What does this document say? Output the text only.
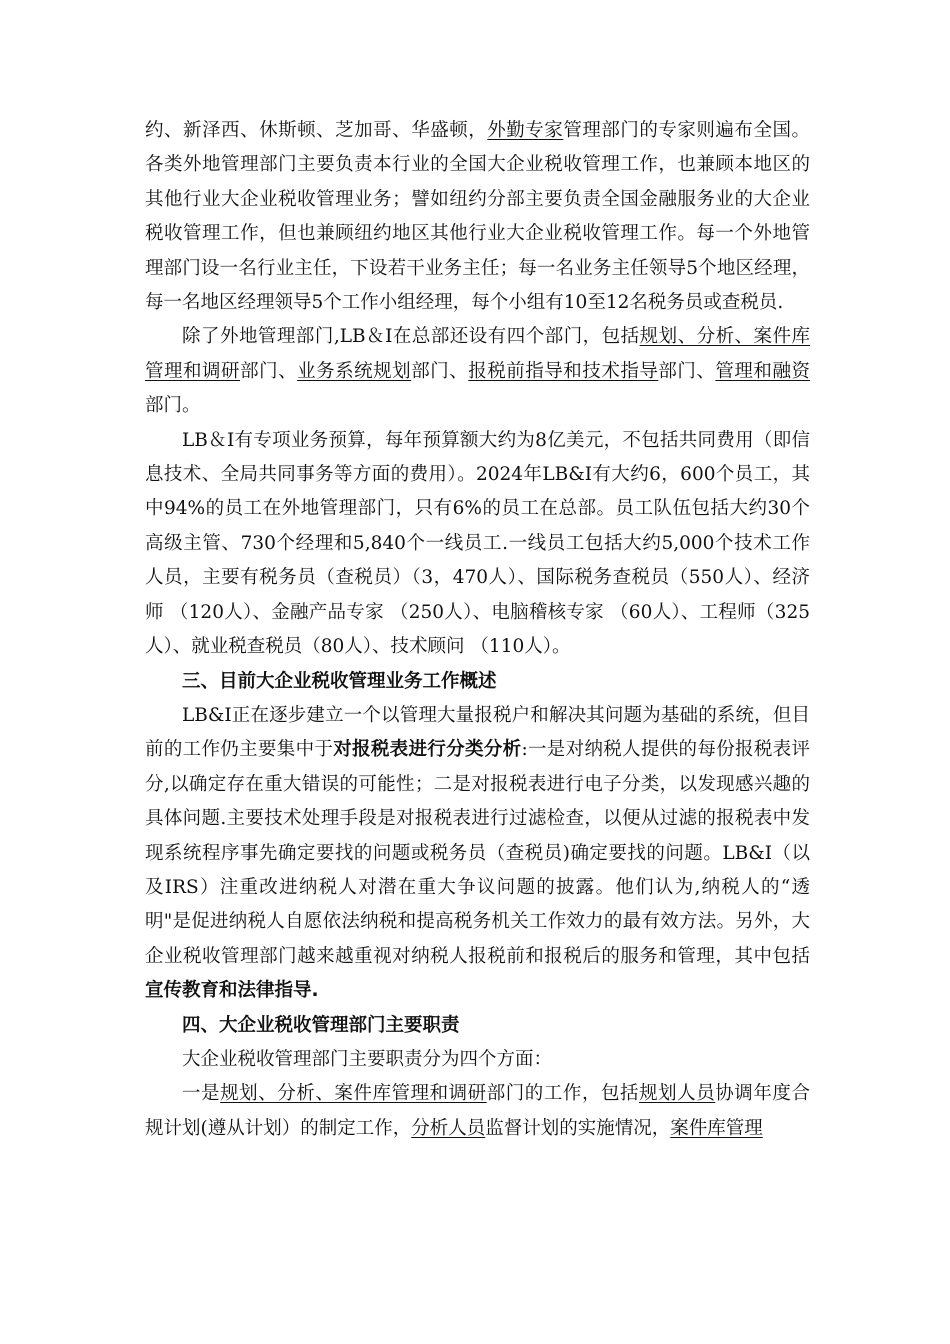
约、新泽西、休斯顿、芝加哥、华盛顿，外勤专家管理部门的专家则遍布全国。各类外地管理部门主要负责本行业的全国大企业税收管理工作，也兼顾本地区的其他行业大企业税收管理业务；譬如纽约分部主要负责全国金融服务业的大企业税收管理工作，但也兼顾纽约地区其他行业大企业税收管理工作。每一个外地管理部门设一名行业主任，下设若干业务主任；每一名业务主任领导5个地区经理，每一名地区经理领导5个工作小组经理，每个小组有10至12名税务员或查税员.

除了外地管理部门,LB＆I在总部还设有四个部门，包括规划、分析、案件库管理和调研部门、业务系统规划部门、报税前指导和技术指导部门、管理和融资部门。

LB＆I有专项业务预算，每年预算额大约为8亿美元，不包括共同费用（即信息技术、全局共同事务等方面的费用）。2024年LB&I有大约6，600个员工，其中94%的员工在外地管理部门，只有6%的员工在总部。员工队伍包括大约30个高级主管、730个经理和5,840个一线员工.一线员工包括大约5,000个技术工作人员，主要有税务员（查税员）（3，470人）、国际税务查税员（550人）、经济师 （120人）、金融产品专家 （250人）、电脑稽核专家 （60人）、工程师（325人）、就业税查税员（80人）、技术顾问 （110人）。

三、目前大企业税收管理业务工作概述

LB&I正在逐步建立一个以管理大量报税户和解决其问题为基础的系统，但目前的工作仍主要集中于对报税表进行分类分析:一是对纳税人提供的每份报税表评分,以确定存在重大错误的可能性；二是对报税表进行电子分类，以发现感兴趣的具体问题.主要技术处理手段是对报税表进行过滤检查，以便从过滤的报税表中发现系统程序事先确定要找的问题或税务员（查税员)确定要找的问题。LB&I（以及IRS）注重改进纳税人对潜在重大争议问题的披露。他们认为,纳税人的“透明"是促进纳税人自愿依法纳税和提高税务机关工作效力的最有效方法。另外，大企业税收管理部门越来越重视对纳税人报税前和报税后的服务和管理，其中包括宣传教育和法律指导.

四、大企业税收管理部门主要职责

大企业税收管理部门主要职责分为四个方面：

一是规划、分析、案件库管理和调研部门的工作，包括规划人员协调年度合规计划(遵从计划）的制定工作，分析人员监督计划的实施情况，案件库管理
